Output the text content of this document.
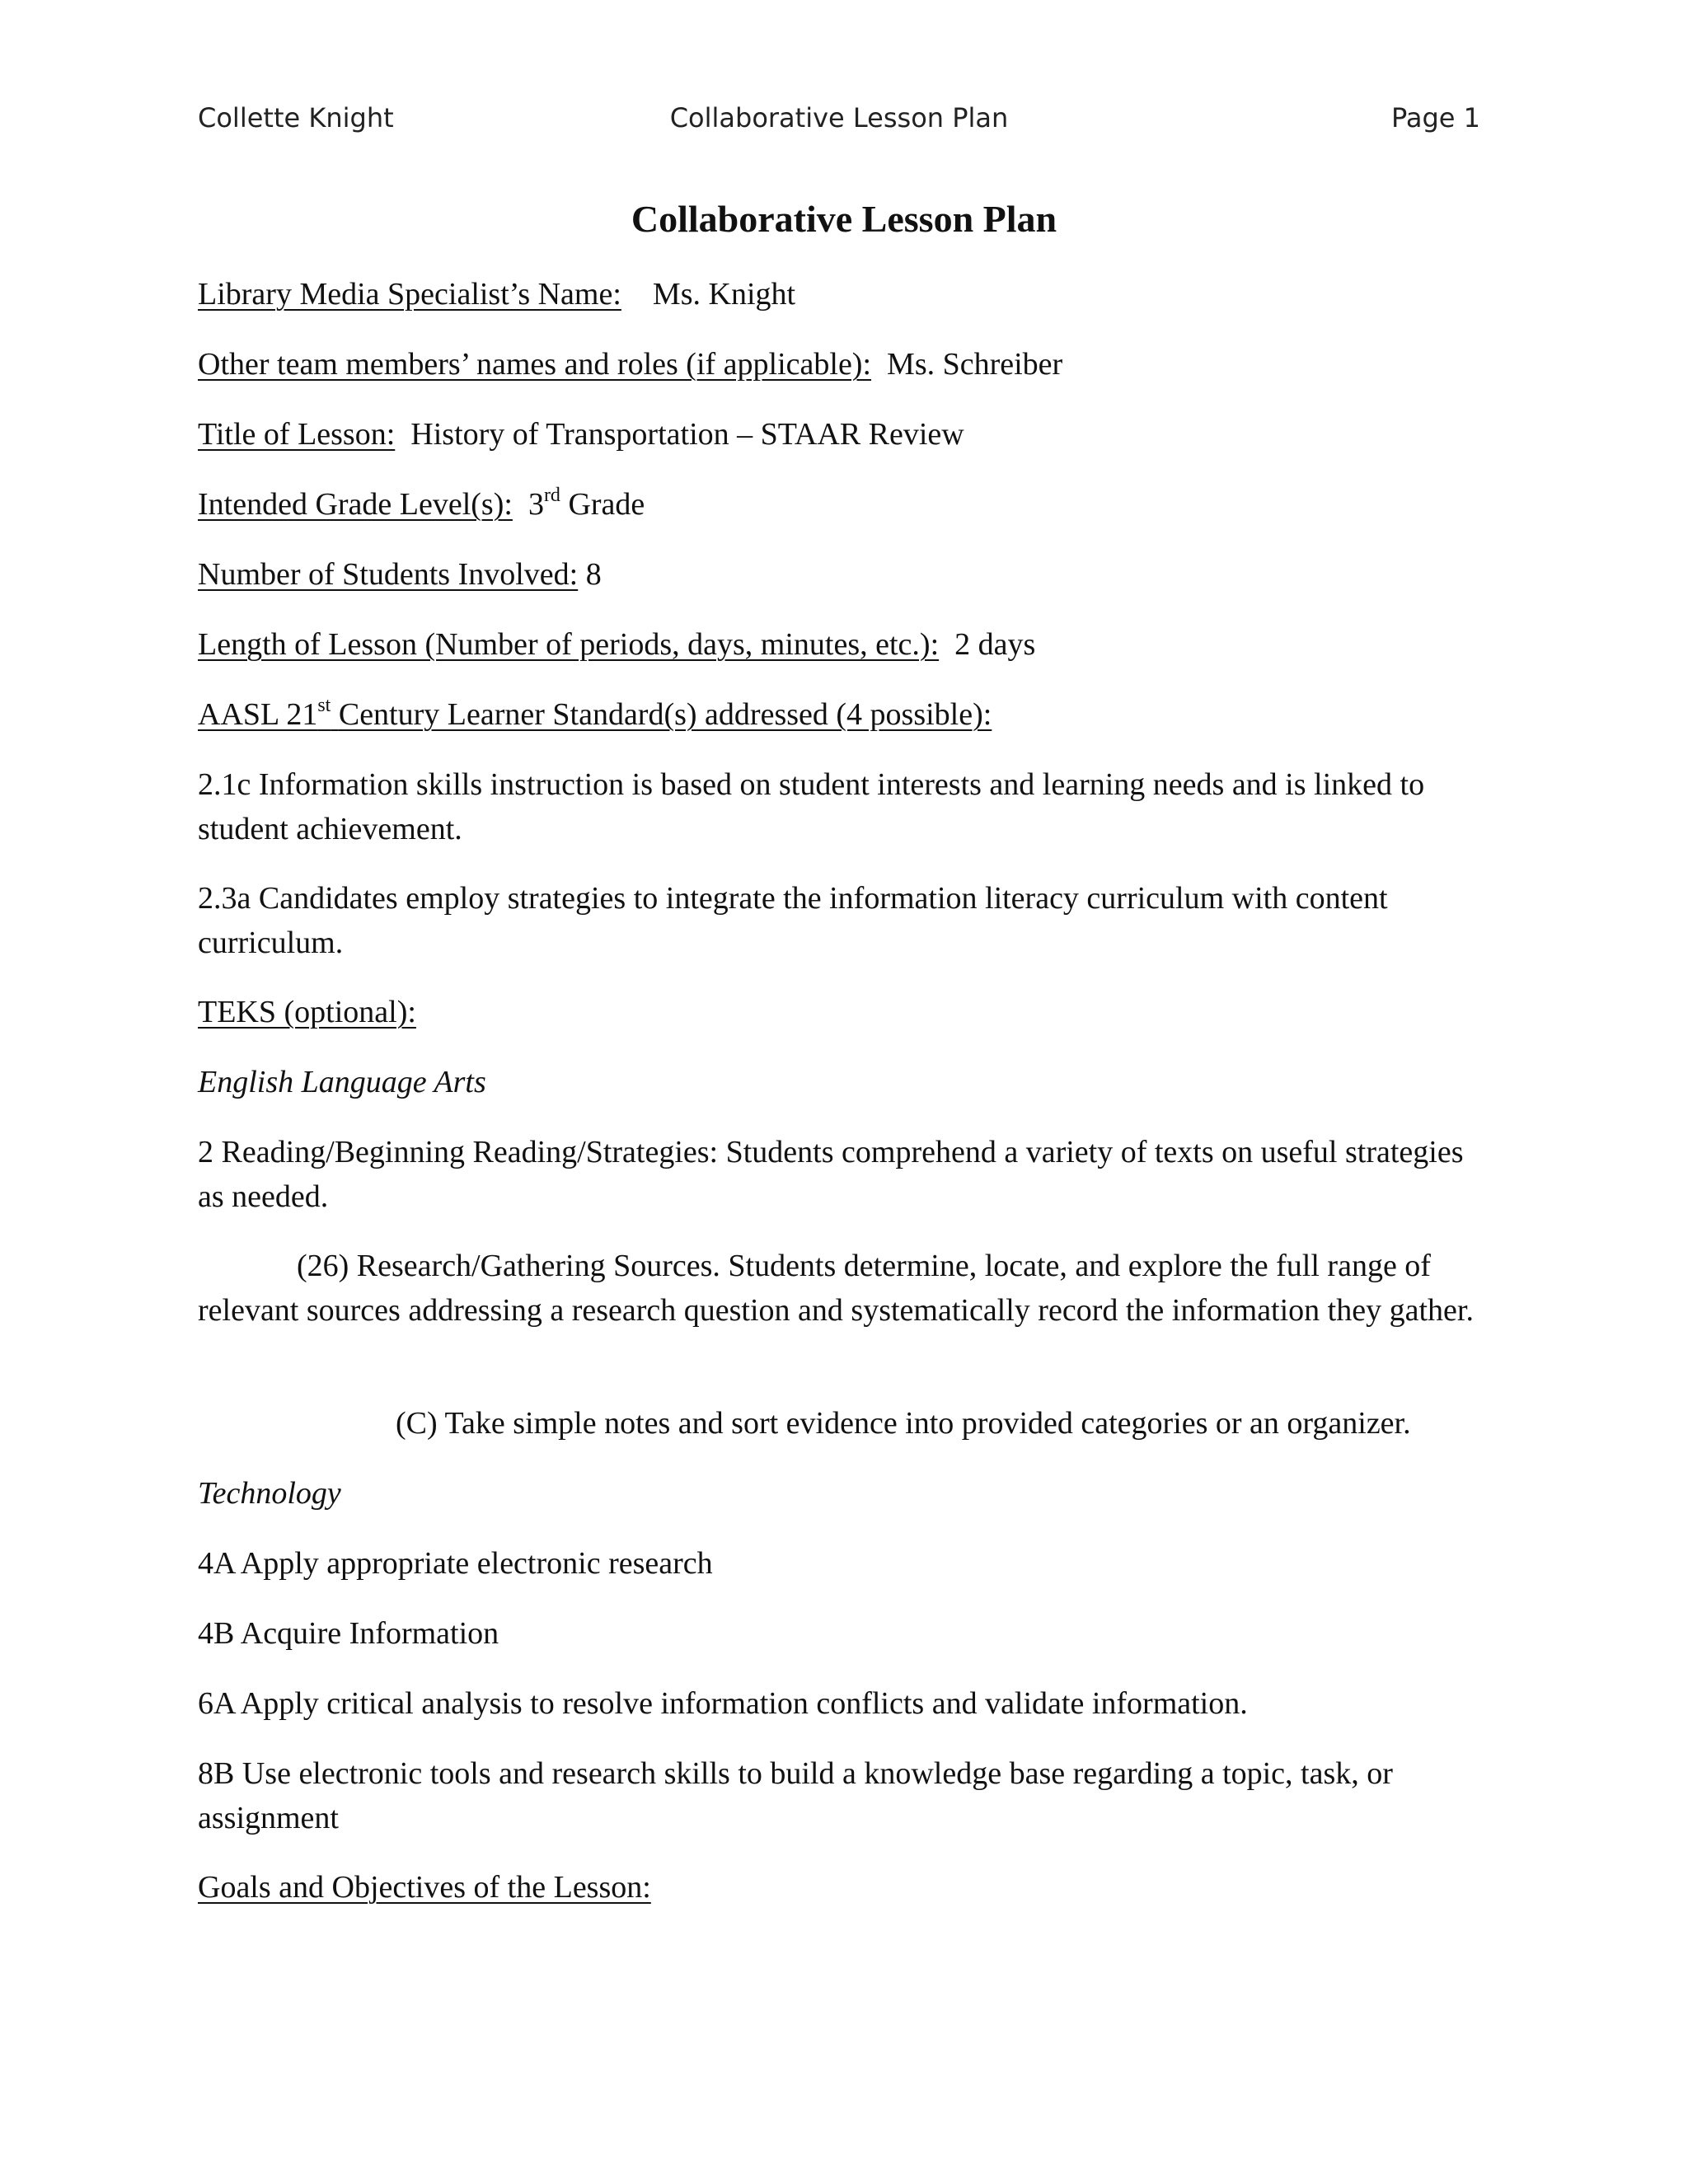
Collette Knight	Collaborative Lesson Plan	Page 1
Collaborative Lesson Plan
Library Media Specialist’s Name: Ms. Knight
Other team members’ names and roles (if applicable): Ms. Schreiber
Title of Lesson: History of Transportation – STAAR Review
Intended Grade Level(s): 3rd Grade
Number of Students Involved: 8
Length of Lesson (Number of periods, days, minutes, etc.): 2 days
AASL 21st Century Learner Standard(s) addressed (4 possible):
2.1c Information skills instruction is based on student interests and learning needs and is linked to student achievement.
2.3a Candidates employ strategies to integrate the information literacy curriculum with content curriculum.
TEKS (optional):
English Language Arts
2 Reading/Beginning Reading/Strategies: Students comprehend a variety of texts on useful strategies as needed.
(26) Research/Gathering Sources. Students determine, locate, and explore the full range of relevant sources addressing a research question and systematically record the information they gather.
(C) Take simple notes and sort evidence into provided categories or an organizer.
Technology
4A Apply appropriate electronic research
4B Acquire Information
6A Apply critical analysis to resolve information conflicts and validate information.
8B Use electronic tools and research skills to build a knowledge base regarding a topic, task, or assignment
Goals and Objectives of the Lesson:
